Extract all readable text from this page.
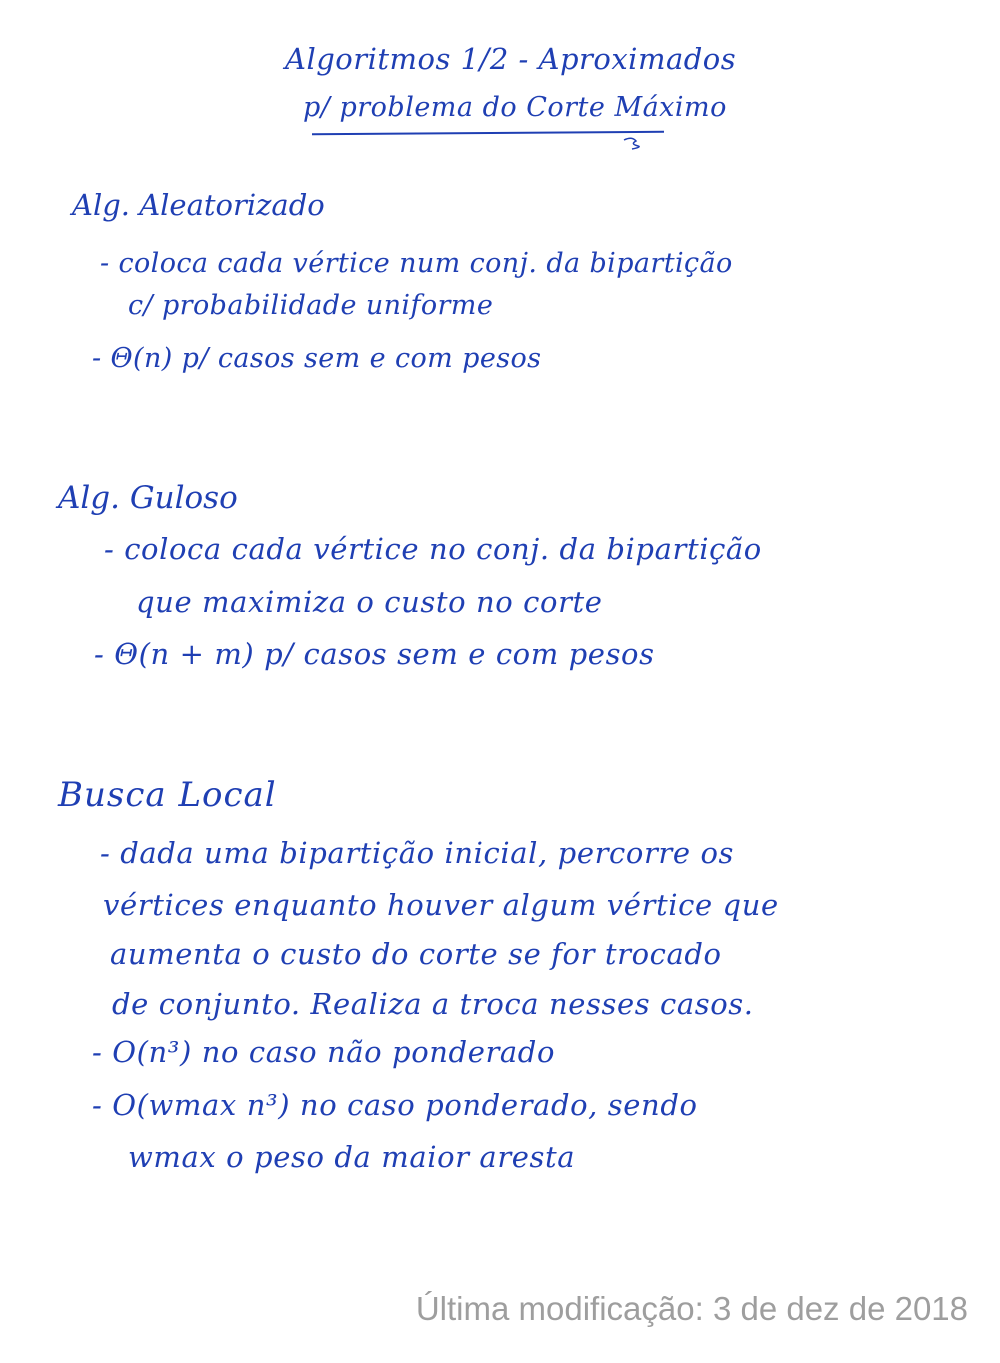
Algoritmos 1/2 - Aproximados
p/ problema do Corte Máximo
Alg. Aleatorizado
- coloca cada vértice num conj. da bipartição
c/ probabilidade uniforme
- Θ(n) p/ casos sem e com pesos
Alg. Guloso
- coloca cada vértice no conj. da bipartição
que maximiza o custo no corte
- Θ(n + m) p/ casos sem e com pesos
Busca Local
- dada uma bipartição inicial, percorre os
vértices enquanto houver algum vértice que
aumenta o custo do corte se for trocado
de conjunto. Realiza a troca nesses casos.
- O(n³) no caso não ponderado
- O(wmax n³) no caso ponderado, sendo
wmax o peso da maior aresta
Última modificação: 3 de dez de 2018
